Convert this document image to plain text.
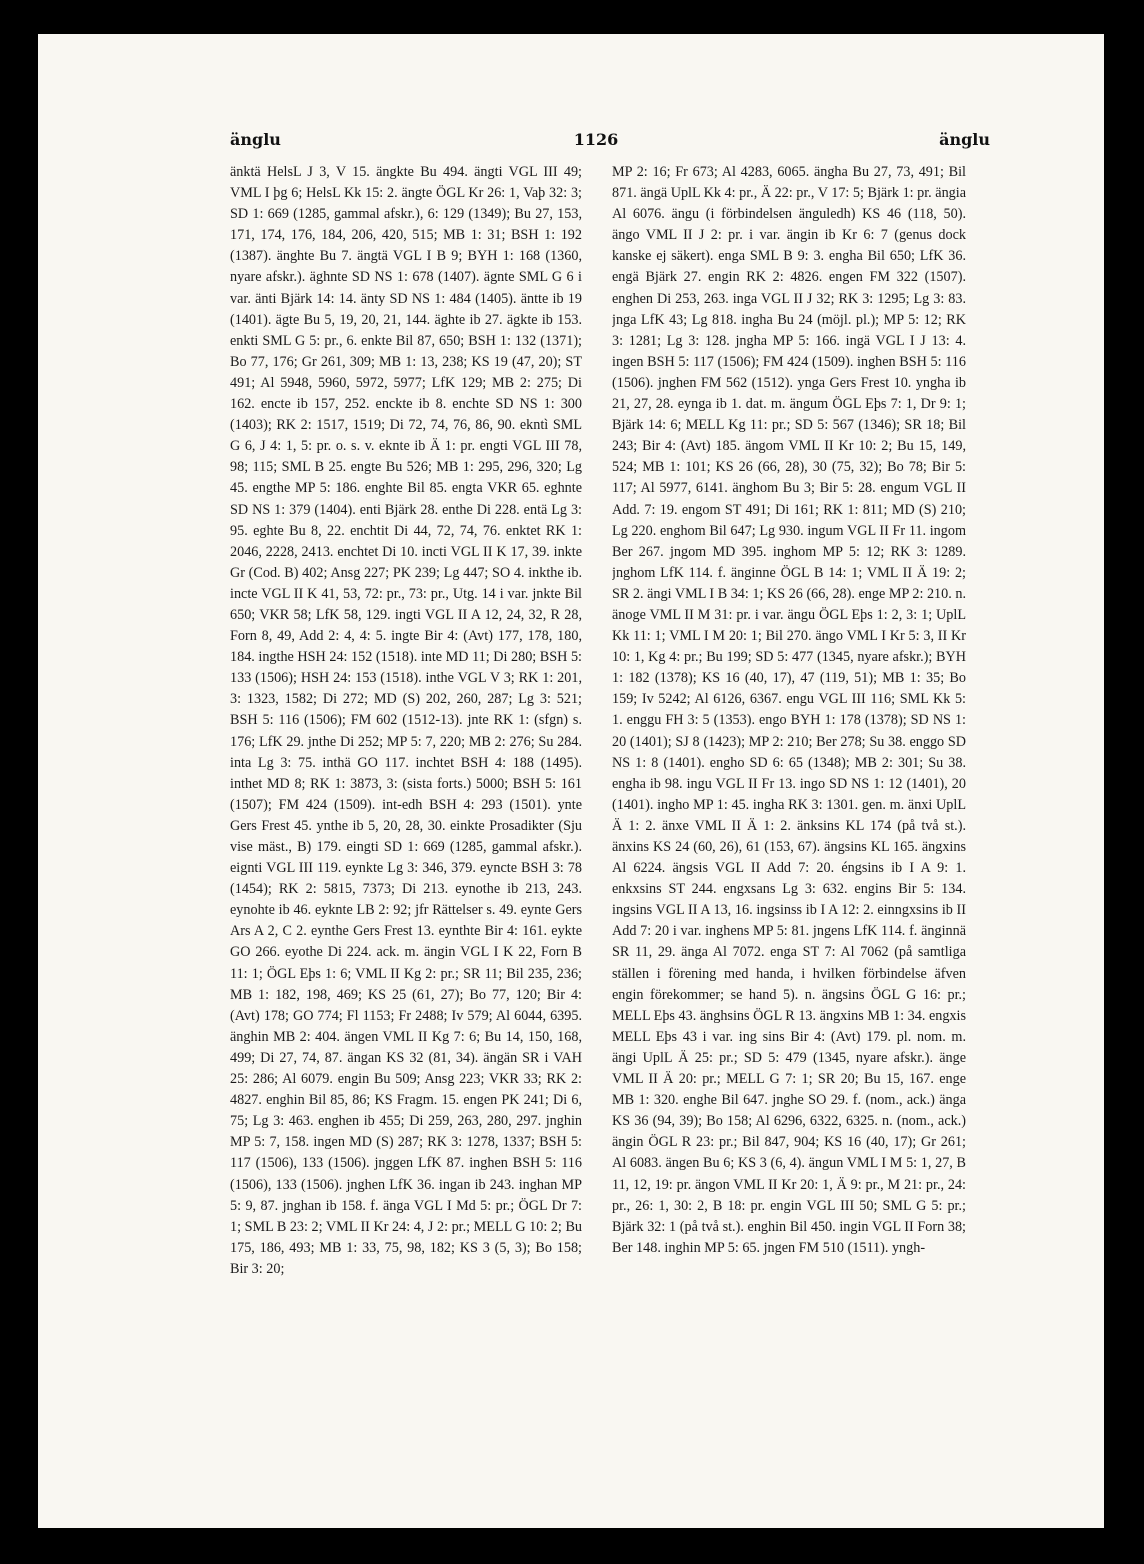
änglu	1126	änglu
änktä HelsL J 3, V 15. ängkte Bu 494. ängti VGL III 49; VML I þg 6; HelsL Kk 15: 2. ängte ÖGL Kr 26: 1, Vaþ 32: 3; SD 1: 669 (1285, gammal afskr.), 6: 129 (1349); Bu 27, 153, 171, 174, 176, 184, 206, 420, 515; MB 1: 31; BSH 1: 192 (1387). änghte Bu 7. ängtä VGL I B 9; BYH 1: 168 (1360, nyare afskr.). äghnte SD NS 1: 678 (1407). ägnte SML G 6 i var. änti Bjärk 14: 14. änty SD NS 1: 484 (1405). äntte ib 19 (1401). ägte Bu 5, 19, 20, 21, 144. äghte ib 27. ägkte ib 153. enkti SML G 5: pr., 6. enkte Bil 87, 650; BSH 1: 132 (1371); Bo 77, 176; Gr 261, 309; MB 1: 13, 238; KS 19 (47, 20); ST 491; Al 5948, 5960, 5972, 5977; LfK 129; MB 2: 275; Di 162. encte ib 157, 252. enckte ib 8. enchte SD NS 1: 300 (1403); RK 2: 1517, 1519; Di 72, 74, 76, 86, 90. ekntì SML G 6, J 4: 1, 5: pr. o. s. v. eknte ib Ä 1: pr. engti VGL III 78, 98; 115; SML B 25. engte Bu 526; MB 1: 295, 296, 320; Lg 45. engthe MP 5: 186. enghte Bil 85. engta VKR 65. eghnte SD NS 1: 379 (1404). enti Bjärk 28. enthe Di 228. entä Lg 3: 95. eghte Bu 8, 22. enchtit Di 44, 72, 74, 76. enktet RK 1: 2046, 2228, 2413. enchtet Di 10. incti VGL II K 17, 39. inkte Gr (Cod. B) 402; Ansg 227; PK 239; Lg 447; SO 4. inkthe ib. incte VGL II K 41, 53, 72: pr., 73: pr., Utg. 14 i var. jnkte Bil 650; VKR 58; LfK 58, 129. ingti VGL II A 12, 24, 32, R 28, Forn 8, 49, Add 2: 4, 4: 5. ingte Bir 4: (Avt) 177, 178, 180, 184. ingthe HSH 24: 152 (1518). inte MD 11; Di 280; BSH 5: 133 (1506); HSH 24: 153 (1518). inthe VGL V 3; RK 1: 201, 3: 1323, 1582; Di 272; MD (S) 202, 260, 287; Lg 3: 521; BSH 5: 116 (1506); FM 602 (1512-13). jnte RK 1: (sfgn) s. 176; LfK 29. jnthe Di 252; MP 5: 7, 220; MB 2: 276; Su 284. inta Lg 3: 75. inthä GO 117. inchtet BSH 4: 188 (1495). inthet MD 8; RK 1: 3873, 3: (sista forts.) 5000; BSH 5: 161 (1507); FM 424 (1509). int-edh BSH 4: 293 (1501). ynte Gers Frest 45. ynthe ib 5, 20, 28, 30. einkte Prosadikter (Sju vise mäst., B) 179. eingti SD 1: 669 (1285, gammal afskr.). eignti VGL III 119. eynkte Lg 3: 346, 379. eyncte BSH 3: 78 (1454); RK 2: 5815, 7373; Di 213. eynothe ib 213, 243. eynohte ib 46. eyknte LB 2: 92; jfr Rättelser s. 49. eynte Gers Ars A 2, C 2. eynthe Gers Frest 13. eynthte Bir 4: 161. eykte GO 266. eyothe Di 224. ack. m. ängin VGL I K 22, Forn B 11: 1; ÖGL Eþs 1: 6; VML II Kg 2: pr.; SR 11; Bil 235, 236; MB 1: 182, 198, 469; KS 25 (61, 27); Bo 77, 120; Bir 4: (Avt) 178; GO 774; Fl 1153; Fr 2488; Iv 579; Al 6044, 6395. änghin MB 2: 404. ängen VML II Kg 7: 6; Bu 14, 150, 168, 499; Di 27, 74, 87. ängan KS 32 (81, 34). ängän SR i VAH 25: 286; Al 6079. engin Bu 509; Ansg 223; VKR 33; RK 2: 4827. enghin Bil 85, 86; KS Fragm. 15. engen PK 241; Di 6, 75; Lg 3: 463. enghen ib 455; Di 259, 263, 280, 297. jnghin MP 5: 7, 158. ingen MD (S) 287; RK 3: 1278, 1337; BSH 5: 117 (1506), 133 (1506). jnggen LfK 87. inghen BSH 5: 116 (1506), 133 (1506). jnghen LfK 36. ingan ib 243. inghan MP 5: 9, 87. jnghan ib 158. f. änga VGL I Md 5: pr.; ÖGL Dr 7: 1; SML B 23: 2; VML II Kr 24: 4, J 2: pr.; MELL G 10: 2; Bu 175, 186, 493; MB 1: 33, 75, 98, 182; KS 3 (5, 3); Bo 158; Bir 3: 20;
MP 2: 16; Fr 673; Al 4283, 6065. ängha Bu 27, 73, 491; Bil 871. ängä UplL Kk 4: pr., Ä 22: pr., V 17: 5; Bjärk 1: pr. ängia Al 6076. ängu (i förbindelsen änguledh) KS 46 (118, 50). ängo VML II J 2: pr. i var. ängin ib Kr 6: 7 (genus dock kanske ej säkert). enga SML B 9: 3. engha Bil 650; LfK 36. engä Bjärk 27. engin RK 2: 4826. engen FM 322 (1507). enghen Di 253, 263. inga VGL II J 32; RK 3: 1295; Lg 3: 83. jnga LfK 43; Lg 818. ingha Bu 24 (möjl. pl.); MP 5: 12; RK 3: 1281; Lg 3: 128. jngha MP 5: 166. ingä VGL I J 13: 4. ingen BSH 5: 117 (1506); FM 424 (1509). inghen BSH 5: 116 (1506). jnghen FM 562 (1512). ynga Gers Frest 10. yngha ib 21, 27, 28. eynga ib 1. dat. m. ängum ÖGL Eþs 7: 1, Dr 9: 1; Bjärk 14: 6; MELL Kg 11: pr.; SD 5: 567 (1346); SR 18; Bil 243; Bir 4: (Avt) 185. ängom VML II Kr 10: 2; Bu 15, 149, 524; MB 1: 101; KS 26 (66, 28), 30 (75, 32); Bo 78; Bir 5: 117; Al 5977, 6141. änghom Bu 3; Bir 5: 28. engum VGL II Add. 7: 19. engom ST 491; Di 161; RK 1: 811; MD (S) 210; Lg 220. enghom Bil 647; Lg 930. ingum VGL II Fr 11. ingom Ber 267. jngom MD 395. inghom MP 5: 12; RK 3: 1289. jnghom LfK 114. f. änginne ÖGL B 14: 1; VML II Ä 19: 2; SR 2. ängi VML I B 34: 1; KS 26 (66, 28). enge MP 2: 210. n. änoge VML II M 31: pr. i var. ängu ÖGL Eþs 1: 2, 3: 1; UplL Kk 11: 1; VML I M 20: 1; Bil 270. ängo VML I Kr 5: 3, II Kr 10: 1, Kg 4: pr.; Bu 199; SD 5: 477 (1345, nyare afskr.); BYH 1: 182 (1378); KS 16 (40, 17), 47 (119, 51); MB 1: 35; Bo 159; Iv 5242; Al 6126, 6367. engu VGL III 116; SML Kk 5: 1. enggu FH 3: 5 (1353). engo BYH 1: 178 (1378); SD NS 1: 20 (1401); SJ 8 (1423); MP 2: 210; Ber 278; Su 38. enggo SD NS 1: 8 (1401). engho SD 6: 65 (1348); MB 2: 301; Su 38. engha ib 98. ingu VGL II Fr 13. ingo SD NS 1: 12 (1401), 20 (1401). ingho MP 1: 45. ingha RK 3: 1301. gen. m. änxi UplL Ä 1: 2. änxe VML II Ä 1: 2. änksins KL 174 (på två st.). änxins KS 24 (60, 26), 61 (153, 67). ängsins KL 165. ängxins Al 6224. ängsis VGL II Add 7: 20. éngsins ib I A 9: 1. enkxsins ST 244. engxsans Lg 3: 632. engins Bir 5: 134. ingsins VGL II A 13, 16. ingsinss ib I A 12: 2. einngxsins ib II Add 7: 20 i var. inghens MP 5: 81. jngens LfK 114. f. änginnä SR 11, 29. änga Al 7072. enga ST 7: Al 7062 (på samtliga ställen i förening med handa, i hvilken förbindelse äfven engin förekommer; se hand 5). n. ängsins ÖGL G 16: pr.; MELL Eþs 43. änghsins ÖGL R 13. ängxins MB 1: 34. engxis MELL Eþs 43 i var. ing sins Bir 4: (Avt) 179. pl. nom. m. ängi UplL Ä 25: pr.; SD 5: 479 (1345, nyare afskr.). änge VML II Ä 20: pr.; MELL G 7: 1; SR 20; Bu 15, 167. enge MB 1: 320. enghe Bil 647. jnghe SO 29. f. (nom., ack.) änga KS 36 (94, 39); Bo 158; Al 6296, 6322, 6325. n. (nom., ack.) ängin ÖGL R 23: pr.; Bil 847, 904; KS 16 (40, 17); Gr 261; Al 6083. ängen Bu 6; KS 3 (6, 4). ängun VML I M 5: 1, 27, B 11, 12, 19: pr. ängon VML II Kr 20: 1, Ä 9: pr., M 21: pr., 24: pr., 26: 1, 30: 2, B 18: pr. engin VGL III 50; SML G 5: pr.; Bjärk 32: 1 (på två st.). enghin Bil 450. ingin VGL II Forn 38; Ber 148. inghin MP 5: 65. jngen FM 510 (1511). yngh-
